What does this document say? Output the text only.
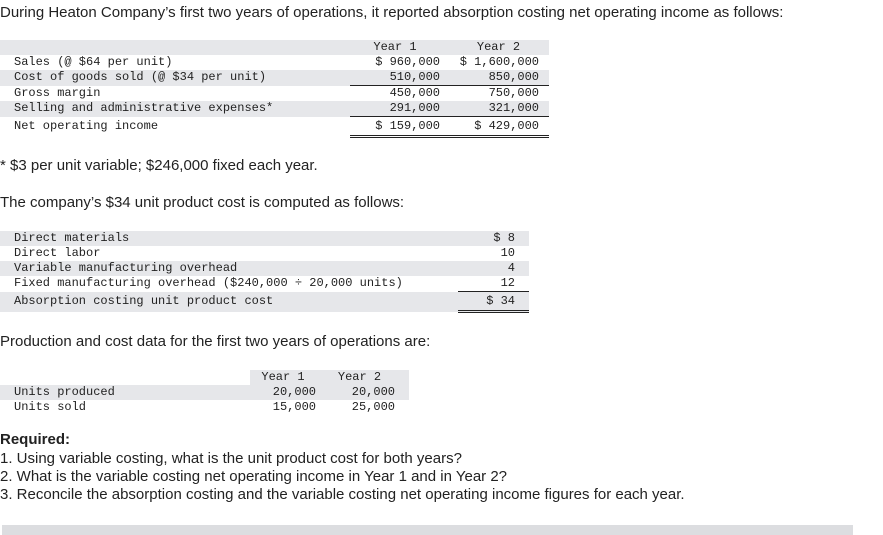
During Heaton Company’s first two years of operations, it reported absorption costing net operating income as follows:
	Year 1	Year 2
Sales (@ $64 per unit)	$ 960,000	$ 1,600,000
Cost of goods sold (@ $34 per unit)	510,000	850,000
Gross margin	450,000	750,000
Selling and administrative expenses*	291,000	321,000
Net operating income	$ 159,000	$ 429,000
* $3 per unit variable; $246,000 fixed each year.
The company’s $34 unit product cost is computed as follows:
Direct materials	$ 8
Direct labor	10
Variable manufacturing overhead	4
Fixed manufacturing overhead ($240,000 ÷ 20,000 units)	12
Absorption costing unit product cost	$ 34
Production and cost data for the first two years of operations are:
	Year 1	Year 2
Units produced	20,000	20,000
Units sold	15,000	25,000
Required:
1. Using variable costing, what is the unit product cost for both years?
2. What is the variable costing net operating income in Year 1 and in Year 2?
3. Reconcile the absorption costing and the variable costing net operating income figures for each year.
